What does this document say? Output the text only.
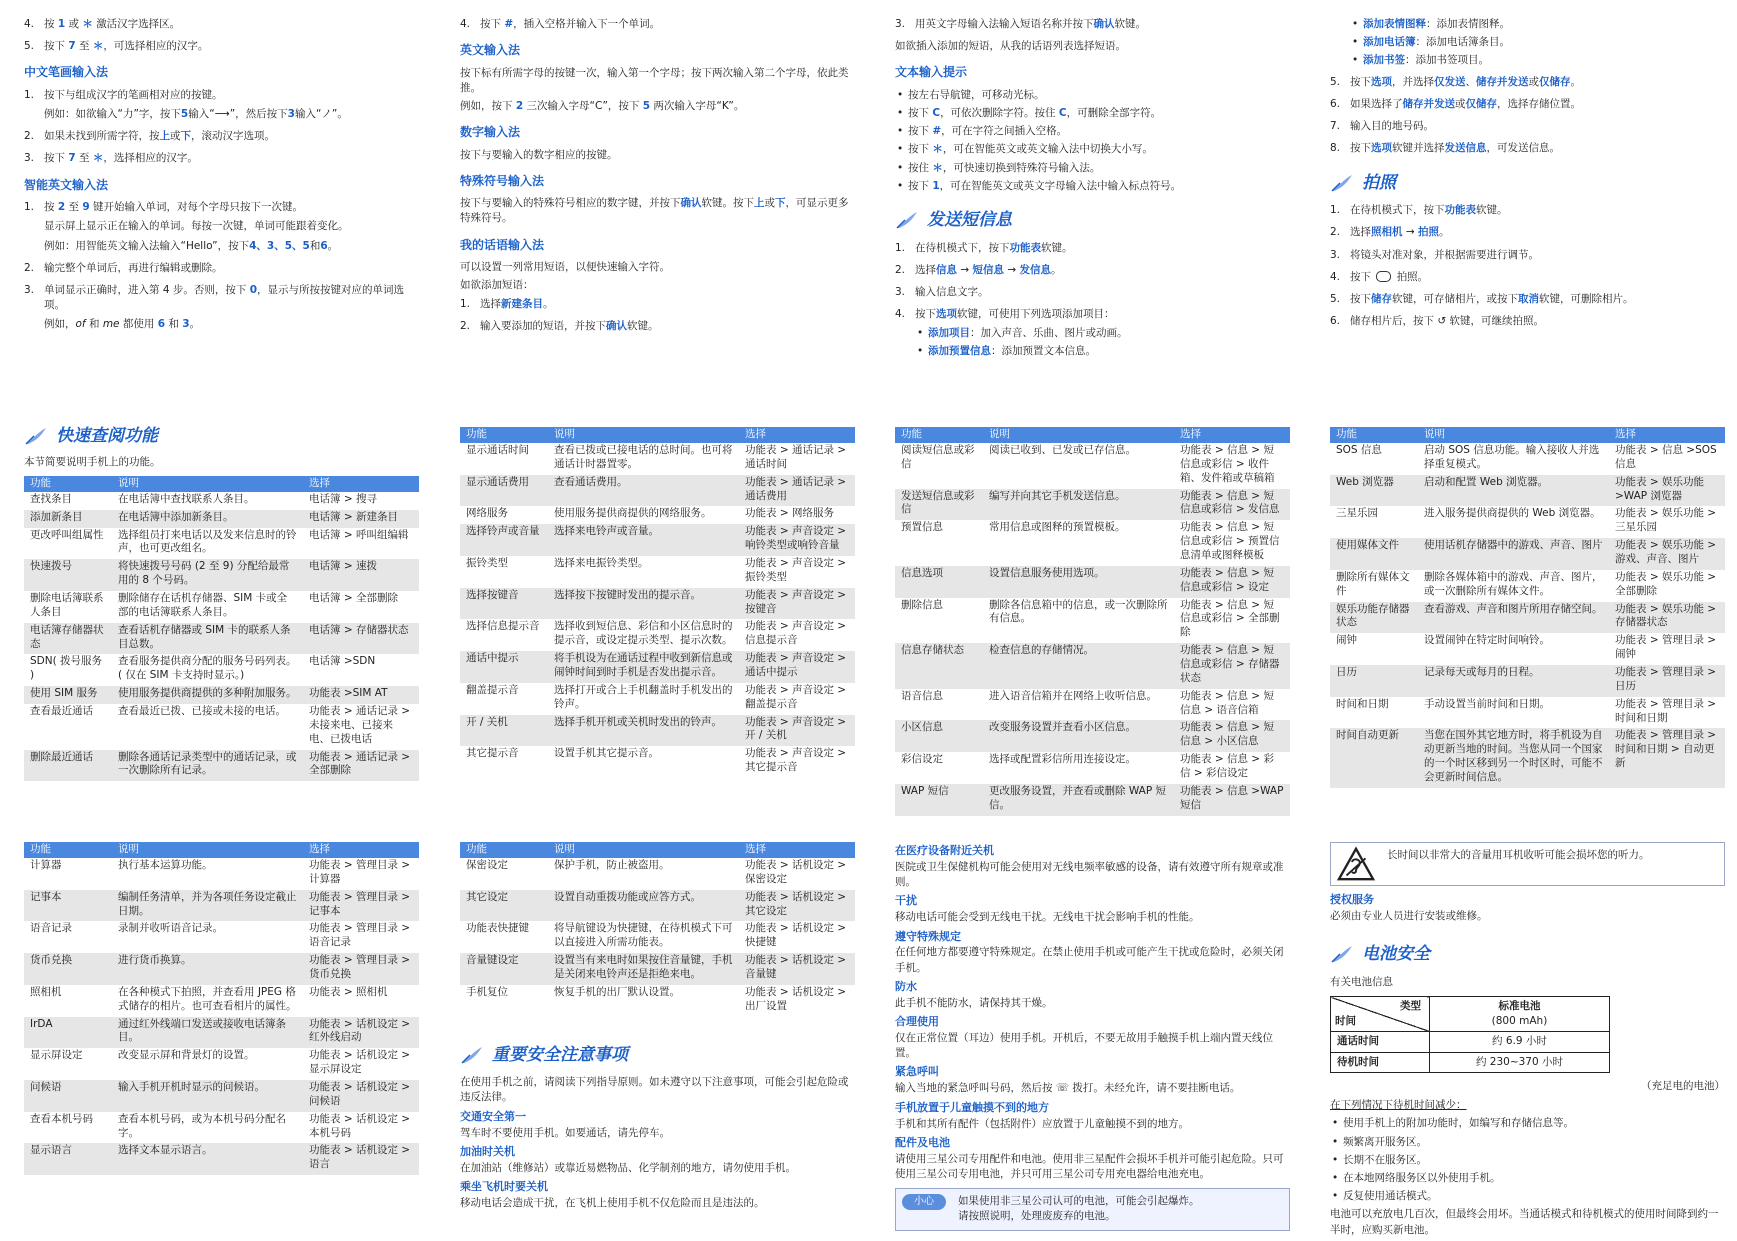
4. 按 1 或 ＊ 激活汉字选择区。
5. 按下 7 至 ＊，可选择相应的汉字。
中文笔画输入法
1. 按下与组成汉字的笔画相对应的按键。
例如：如欲输入“力”字，按下5输入“⟶”，然后按下3输入“ノ”。
2. 如果未找到所需字符，按上或下，滚动汉字选项。
3. 按下 7 至 ＊，选择相应的汉字。
智能英文输入法
1. 按 2 至 9 键开始输入单词，对每个字母只按下一次键。
显示屏上显示正在输入的单词。每按一次键，单词可能跟着变化。
例如：用智能英文输入法输入“Hello”，按下4、3、5、5和6。
2. 输完整个单词后，再进行编辑或删除。
3. 单词显示正确时，进入第 4 步。否则，按下 0，显示与所按按键对应的单词选项。
例如，of 和 me 都使用 6 和 3。
4. 按下 #，插入空格并输入下一个单词。
英文输入法

按下标有所需字母的按键一次，输入第一个字母；按下两次输入第二个字母，依此类推。

例如，按下 2 三次输入字母“C”，按下 5 两次输入字母“K”。

数字输入法

按下与要输入的数字相应的按键。

特殊符号输入法

按下与要输入的特殊符号相应的数字键，并按下确认软键。按下上或下，可显示更多特殊符号。

我的话语输入法

可以设置一列常用短语，以便快速输入字符。

如欲添加短语：

1. 选择新建条目。
2. 输入要添加的短语，并按下确认软键。
3. 用英文字母输入法输入短语名称并按下确认软键。

如欲插入添加的短语，从我的话语列表选择短语。

文本输入提示
• 按左右导航键，可移动光标。
• 按下 C，可依次删除字符。按住 C，可删除全部字符。
• 按下 #，可在字符之间插入空格。
• 按下 ＊，可在智能英文或英文输入法中切换大小写。
• 按住 ＊，可快速切换到特殊符号输入法。
• 按下 1，可在智能英文或英文字母输入法中输入标点符号。
发送短信息
1. 在待机模式下，按下功能表软键。
2. 选择信息 → 短信息 → 发信息。
3. 输入信息文字。
4. 按下选项软键，可使用下列选项添加项目：
• 添加项目：加入声音、乐曲、图片或动画。
• 添加预置信息：添加预置文本信息。
• 添加表情图释：添加表情图释。
• 添加电话簿：添加电话簿条目。
• 添加书签：添加书签项目。
5. 按下选项，并选择仅发送、储存并发送或仅储存。
6. 如果选择了储存并发送或仅储存，选择存储位置。
7. 输入目的地号码。
8. 按下选项软键并选择发送信息，可发送信息。
拍照
1. 在待机模式下，按下功能表软键。
2. 选择照相机 → 拍照。
3. 将镜头对准对象，并根据需要进行调节。
4. 按下 拍照。
5. 按下储存软键，可存储相片，或按下取消软键，可删除相片。
6. 储存相片后，按下 ↺ 软键，可继续拍照。
快速查阅功能

本节简要说明手机上的功能。

功能	说明	选择
查找条目	在电话簿中查找联系人条目。	电话簿 > 搜寻
添加新条目	在电话簿中添加新条目。	电话簿 > 新建条目
更改呼叫组属性	选择组员打来电话以及发来信息时的铃声，也可更改组名。	电话簿 > 呼叫组编辑
快速拨号	将快速拨号号码 (2 至 9) 分配给最常用的 8 个号码。	电话簿 > 速拨
删除电话簿联系人条目	删除储存在话机存储器、SIM 卡或全部的电话簿联系人条目。	电话簿 > 全部删除
电话簿存储器状态	查看话机存储器或 SIM 卡的联系人条目总数。	电话簿 > 存储器状态
SDN( 拨号服务 )	查看服务提供商分配的服务号码列表。( 仅在 SIM 卡支持时显示。)	电话簿 >SDN
使用 SIM 服务	使用服务提供商提供的多种附加服务。	功能表 >SIM AT
查看最近通话	查看最近已拨、已接或未接的电话。	功能表 > 通话记录 > 未接来电、已接来电、已拨电话
删除最近通话	删除各通话记录类型中的通话记录，或一次删除所有记录。	功能表 > 通话记录 > 全部删除
功能	说明	选择
显示通话时间	查看已拨或已接电话的总时间。也可将通话计时器置零。	功能表 > 通话记录 > 通话时间
显示通话费用	查看通话费用。	功能表 > 通话记录 > 通话费用
网络服务	使用服务提供商提供的网络服务。	功能表 > 网络服务
选择铃声或音量	选择来电铃声或音量。	功能表 > 声音设定 > 响铃类型或响铃音量
振铃类型	选择来电振铃类型。	功能表 > 声音设定 > 振铃类型
选择按键音	选择按下按键时发出的提示音。	功能表 > 声音设定 > 按键音
选择信息提示音	选择收到短信息、彩信和小区信息时的提示音，或设定提示类型、提示次数。	功能表 > 声音设定 > 信息提示音
通话中提示	将手机设为在通话过程中收到新信息或闹钟时间到时手机是否发出提示音。	功能表 > 声音设定 > 通话中提示
翻盖提示音	选择打开或合上手机翻盖时手机发出的铃声。	功能表 > 声音设定 > 翻盖提示音
开 / 关机	选择手机开机或关机时发出的铃声。	功能表 > 声音设定 > 开 / 关机
其它提示音	设置手机其它提示音。	功能表 > 声音设定 > 其它提示音
功能	说明	选择
阅读短信息或彩信	阅读已收到、已发或已存信息。	功能表 > 信息 > 短信息或彩信 > 收件箱、发件箱或草稿箱
发送短信息或彩信	编写并向其它手机发送信息。	功能表 > 信息 > 短信息或彩信 > 发信息
预置信息	常用信息或图释的预置模板。	功能表 > 信息 > 短信息或彩信 > 预置信息清单或图释模板
信息选项	设置信息服务使用选项。	功能表 > 信息 > 短信息或彩信 > 设定
删除信息	删除各信息箱中的信息，或一次删除所有信息。	功能表 > 信息 > 短信息或彩信 > 全部删除
信息存储状态	检查信息的存储情况。	功能表 > 信息 > 短信息或彩信 > 存储器状态
语音信息	进入语音信箱并在网络上收听信息。	功能表 > 信息 > 短信息 > 语音信箱
小区信息	改变服务设置并查看小区信息。	功能表 > 信息 > 短信息 > 小区信息
彩信设定	选择或配置彩信所用连接设定。	功能表 > 信息 > 彩信 > 彩信设定
WAP 短信	更改服务设置，并查看或删除 WAP 短信。	功能表 > 信息 >WAP 短信
功能	说明	选择
SOS 信息	启动 SOS 信息功能。输入接收人并选择重复模式。	功能表 > 信息 >SOS 信息
Web 浏览器	启动和配置 Web 浏览器。	功能表 > 娱乐功能 >WAP 浏览器
三星乐园	进入服务提供商提供的 Web 浏览器。	功能表 > 娱乐功能 > 三星乐园
使用媒体文件	使用话机存储器中的游戏、声音、图片	功能表 > 娱乐功能 > 游戏、声音、图片
删除所有媒体文件	删除各媒体箱中的游戏、声音、图片，或一次删除所有媒体文件。	功能表 > 娱乐功能 > 全部删除
娱乐功能存储器状态	查看游戏、声音和图片所用存储空间。	功能表 > 娱乐功能 > 存储器状态
闹钟	设置闹钟在特定时间响铃。	功能表 > 管理目录 > 闹钟
日历	记录每天或每月的日程。	功能表 > 管理目录 > 日历
时间和日期	手动设置当前时间和日期。	功能表 > 管理目录 > 时间和日期
时间自动更新	当您在国外其它地方时，将手机设为自动更新当地的时间。当您从同一个国家的一个时区移到另一个时区时，可能不会更新时间信息。	功能表 > 管理目录 > 时间和日期 > 自动更新
功能	说明	选择
计算器	执行基本运算功能。	功能表 > 管理目录 > 计算器
记事本	编制任务清单，并为各项任务设定截止日期。	功能表 > 管理目录 > 记事本
语音记录	录制并收听语音记录。	功能表 > 管理目录 > 语音记录
货币兑换	进行货币换算。	功能表 > 管理目录 > 货币兑换
照相机	在各种模式下拍照，并查看用 JPEG 格式储存的相片。也可查看相片的属性。	功能表 > 照相机
IrDA	通过红外线端口发送或接收电话簿条目。	功能表 > 话机设定 > 红外线启动
显示屏设定	改变显示屏和背景灯的设置。	功能表 > 话机设定 > 显示屏设定
问候语	输入手机开机时显示的问候语。	功能表 > 话机设定 > 问候语
查看本机号码	查看本机号码，或为本机号码分配名字。	功能表 > 话机设定 > 本机号码
显示语言	选择文本显示语言。	功能表 > 话机设定 > 语言
功能	说明	选择
保密设定	保护手机，防止被盗用。	功能表 > 话机设定 > 保密设定
其它设定	设置自动重拨功能或应答方式。	功能表 > 话机设定 > 其它设定
功能表快捷键	将导航键设为快捷键，在待机模式下可以直接进入所需功能表。	功能表 > 话机设定 > 快捷键
音量键设定	设置当有来电时如果按住音量键，手机是关闭来电铃声还是拒绝来电。	功能表 > 话机设定 > 音量键
手机复位	恢复手机的出厂默认设置。	功能表 > 话机设定 > 出厂设置
重要安全注意事项

在使用手机之前，请阅读下列指导原则。如未遵守以下注意事项，可能会引起危险或违反法律。

交通安全第一

驾车时不要使用手机。如要通话，请先停车。

加油时关机

在加油站（维修站）或靠近易燃物品、化学制剂的地方，请勿使用手机。

乘坐飞机时要关机

移动电话会造成干扰，在飞机上使用手机不仅危险而且是违法的。

在医疗设备附近关机

医院或卫生保健机构可能会使用对无线电频率敏感的设备，请有效遵守所有规章或准则。

干扰

移动电话可能会受到无线电干扰。无线电干扰会影响手机的性能。

遵守特殊规定

在任何地方都要遵守特殊规定。在禁止使用手机或可能产生干扰或危险时，必须关闭手机。

防水

此手机不能防水，请保持其干燥。

合理使用

仅在正常位置（耳边）使用手机。开机后，不要无故用手触摸手机上端内置天线位置。

紧急呼叫

输入当地的紧急呼叫号码，然后按 ☏ 拨打。未经允许，请不要挂断电话。

手机放置于儿童触摸不到的地方

手机和其所有配件（包括附件）应放置于儿童触摸不到的地方。

配件及电池

请使用三星公司专用配件和电池。使用非三星配件会损坏手机并可能引起危险。只可使用三星公司专用电池，并只可用三星公司专用充电器给电池充电。

小心	如果使用非三星公司认可的电池，可能会引起爆炸。
请按照说明，处理废废弃的电池。
长时间以非常大的音量用耳机收听可能会损坏您的听力。
授权服务

必须由专业人员进行安装或维修。

电池安全

有关电池信息

类型
时间	标准电池
(800 mAh)
通话时间	约 6.9 小时
待机时间	约 230~370 小时

（充足电的电池）

在下列情况下待机时间减少：

• 使用手机上的附加功能时，如编写和存储信息等。
• 频繁离开服务区。
• 长期不在服务区。
• 在本地网络服务区以外使用手机。
• 反复使用通话模式。

电池可以充放电几百次，但最终会用坏。当通话模式和待机模式的使用时间降到约一半时，应购买新电池。
